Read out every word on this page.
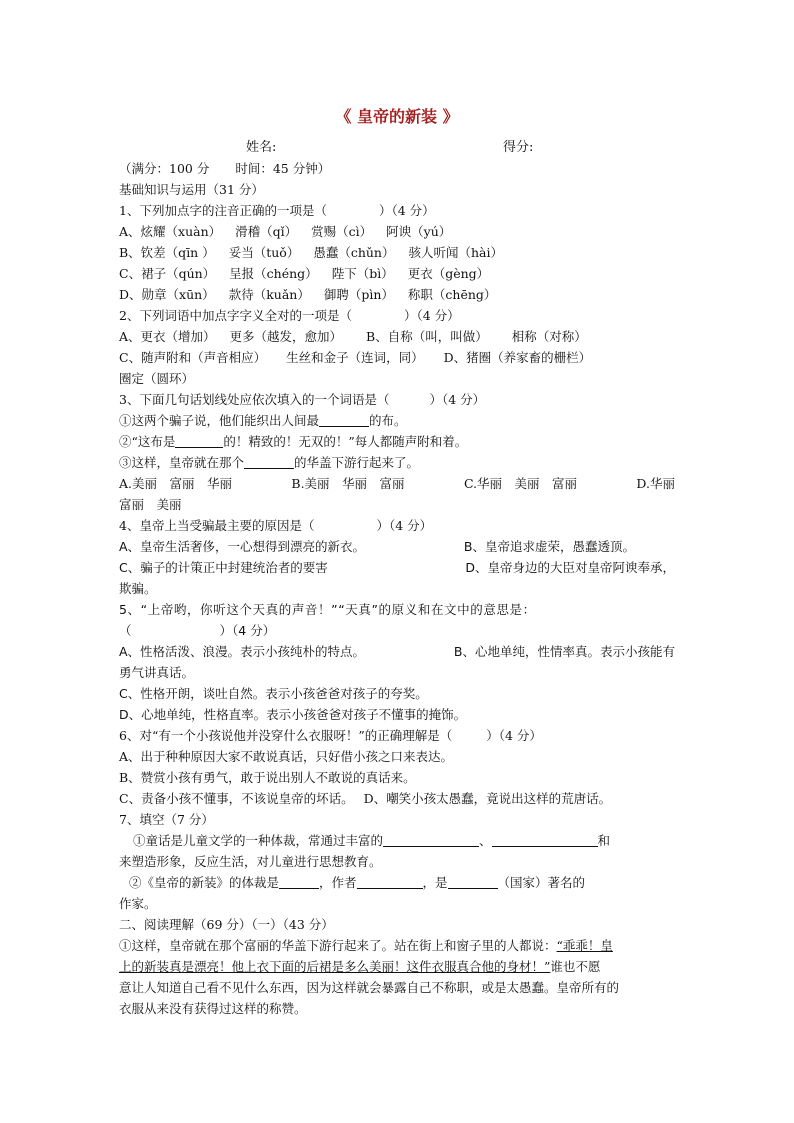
《 皇帝的新装 》
姓名:	得分:
（满分：100 分 时间：45 分钟）
基础知识与运用（31 分）
1、下列加点字的注音正确的一项是（	）（4 分）
A、炫耀（xuàn） 滑稽（qǐ） 赏赐（cì） 阿谀（yú）
B、钦差（qīn ） 妥当（tuǒ） 愚蠢（chǔn） 骇人听闻（hài）
C、裙子（qún） 呈报（chéng） 陛下（bì） 更衣（gèng）
D、勋章（xūn） 款待（kuǎn） 御聘（pìn） 称职（chēng）
2、下列词语中加点字字义全对的一项是（	）（4 分）
A、更衣（增加） 更多（越发，愈加） B、自称（叫，叫做） 相称（对称）
C、随声附和（声音相应） 生丝和金子（连词，同） D、猪圈（养家畜的栅栏）
圈定（圆环）
3、下面几句话划线处应依次填入的一个词语是（	）（4 分）
①这两个骗子说，他们能织出人间最	的布。
②“这布是	的！精致的！无双的！”每人都随声附和着。
③这样，皇帝就在那个	的华盖下游行起来了。
A.美丽　富丽　华丽	B.美丽　华丽　富丽	C.华丽　美丽　富丽	D.华丽
富丽　美丽
4、皇帝上当受骗最主要的原因是（	）（4 分）
A、皇帝生活奢侈，一心想得到漂亮的新衣。	B、皇帝追求虚荣，愚蠢透顶。
C、骗子的计策正中封建统治者的要害	D、皇帝身边的大臣对皇帝阿谀奉承，
欺骗。
5、“上帝哟，你听这个天真的声音！”“天真”的原义和在文中的意思是：
（	）（4 分）
A、性格活泼、浪漫。表示小孩纯朴的特点。	B、心地单纯，性情率真。表示小孩能有
勇气讲真话。
C、性格开朗，谈吐自然。表示小孩爸爸对孩子的夸奖。
D、心地单纯，性格直率。表示小孩爸爸对孩子不懂事的掩饰。
6、对“有一个小孩说他并没穿什么衣服呀！”的正确理解是（	）（4 分）
A、出于种种原因大家不敢说真话，只好借小孩之口来表达。
B、赞赏小孩有勇气，敢于说出别人不敢说的真话来。
C、责备小孩不懂事，不该说皇帝的坏话。 D、嘲笑小孩太愚蠢，竟说出这样的荒唐话。
7、填空（7 分）
①童话是儿童文学的一种体裁，常通过丰富的	、	和
来塑造形象，反应生活，对儿童进行思想教育。
②《皇帝的新装》的体裁是	，作者	，是	（国家）著名的
作家。
二、阅读理解（69 分）（一）（43 分）
①这样，皇帝就在那个富丽的华盖下游行起来了。站在街上和窗子里的人都说：“乖乖！皇
上的新装真是漂亮！他上衣下面的后裙是多么美丽！这件衣服真合他的身材！”谁也不愿
意让人知道自己看不见什么东西，因为这样就会暴露自己不称职，或是太愚蠢。皇帝所有的
衣服从来没有获得过这样的称赞。
